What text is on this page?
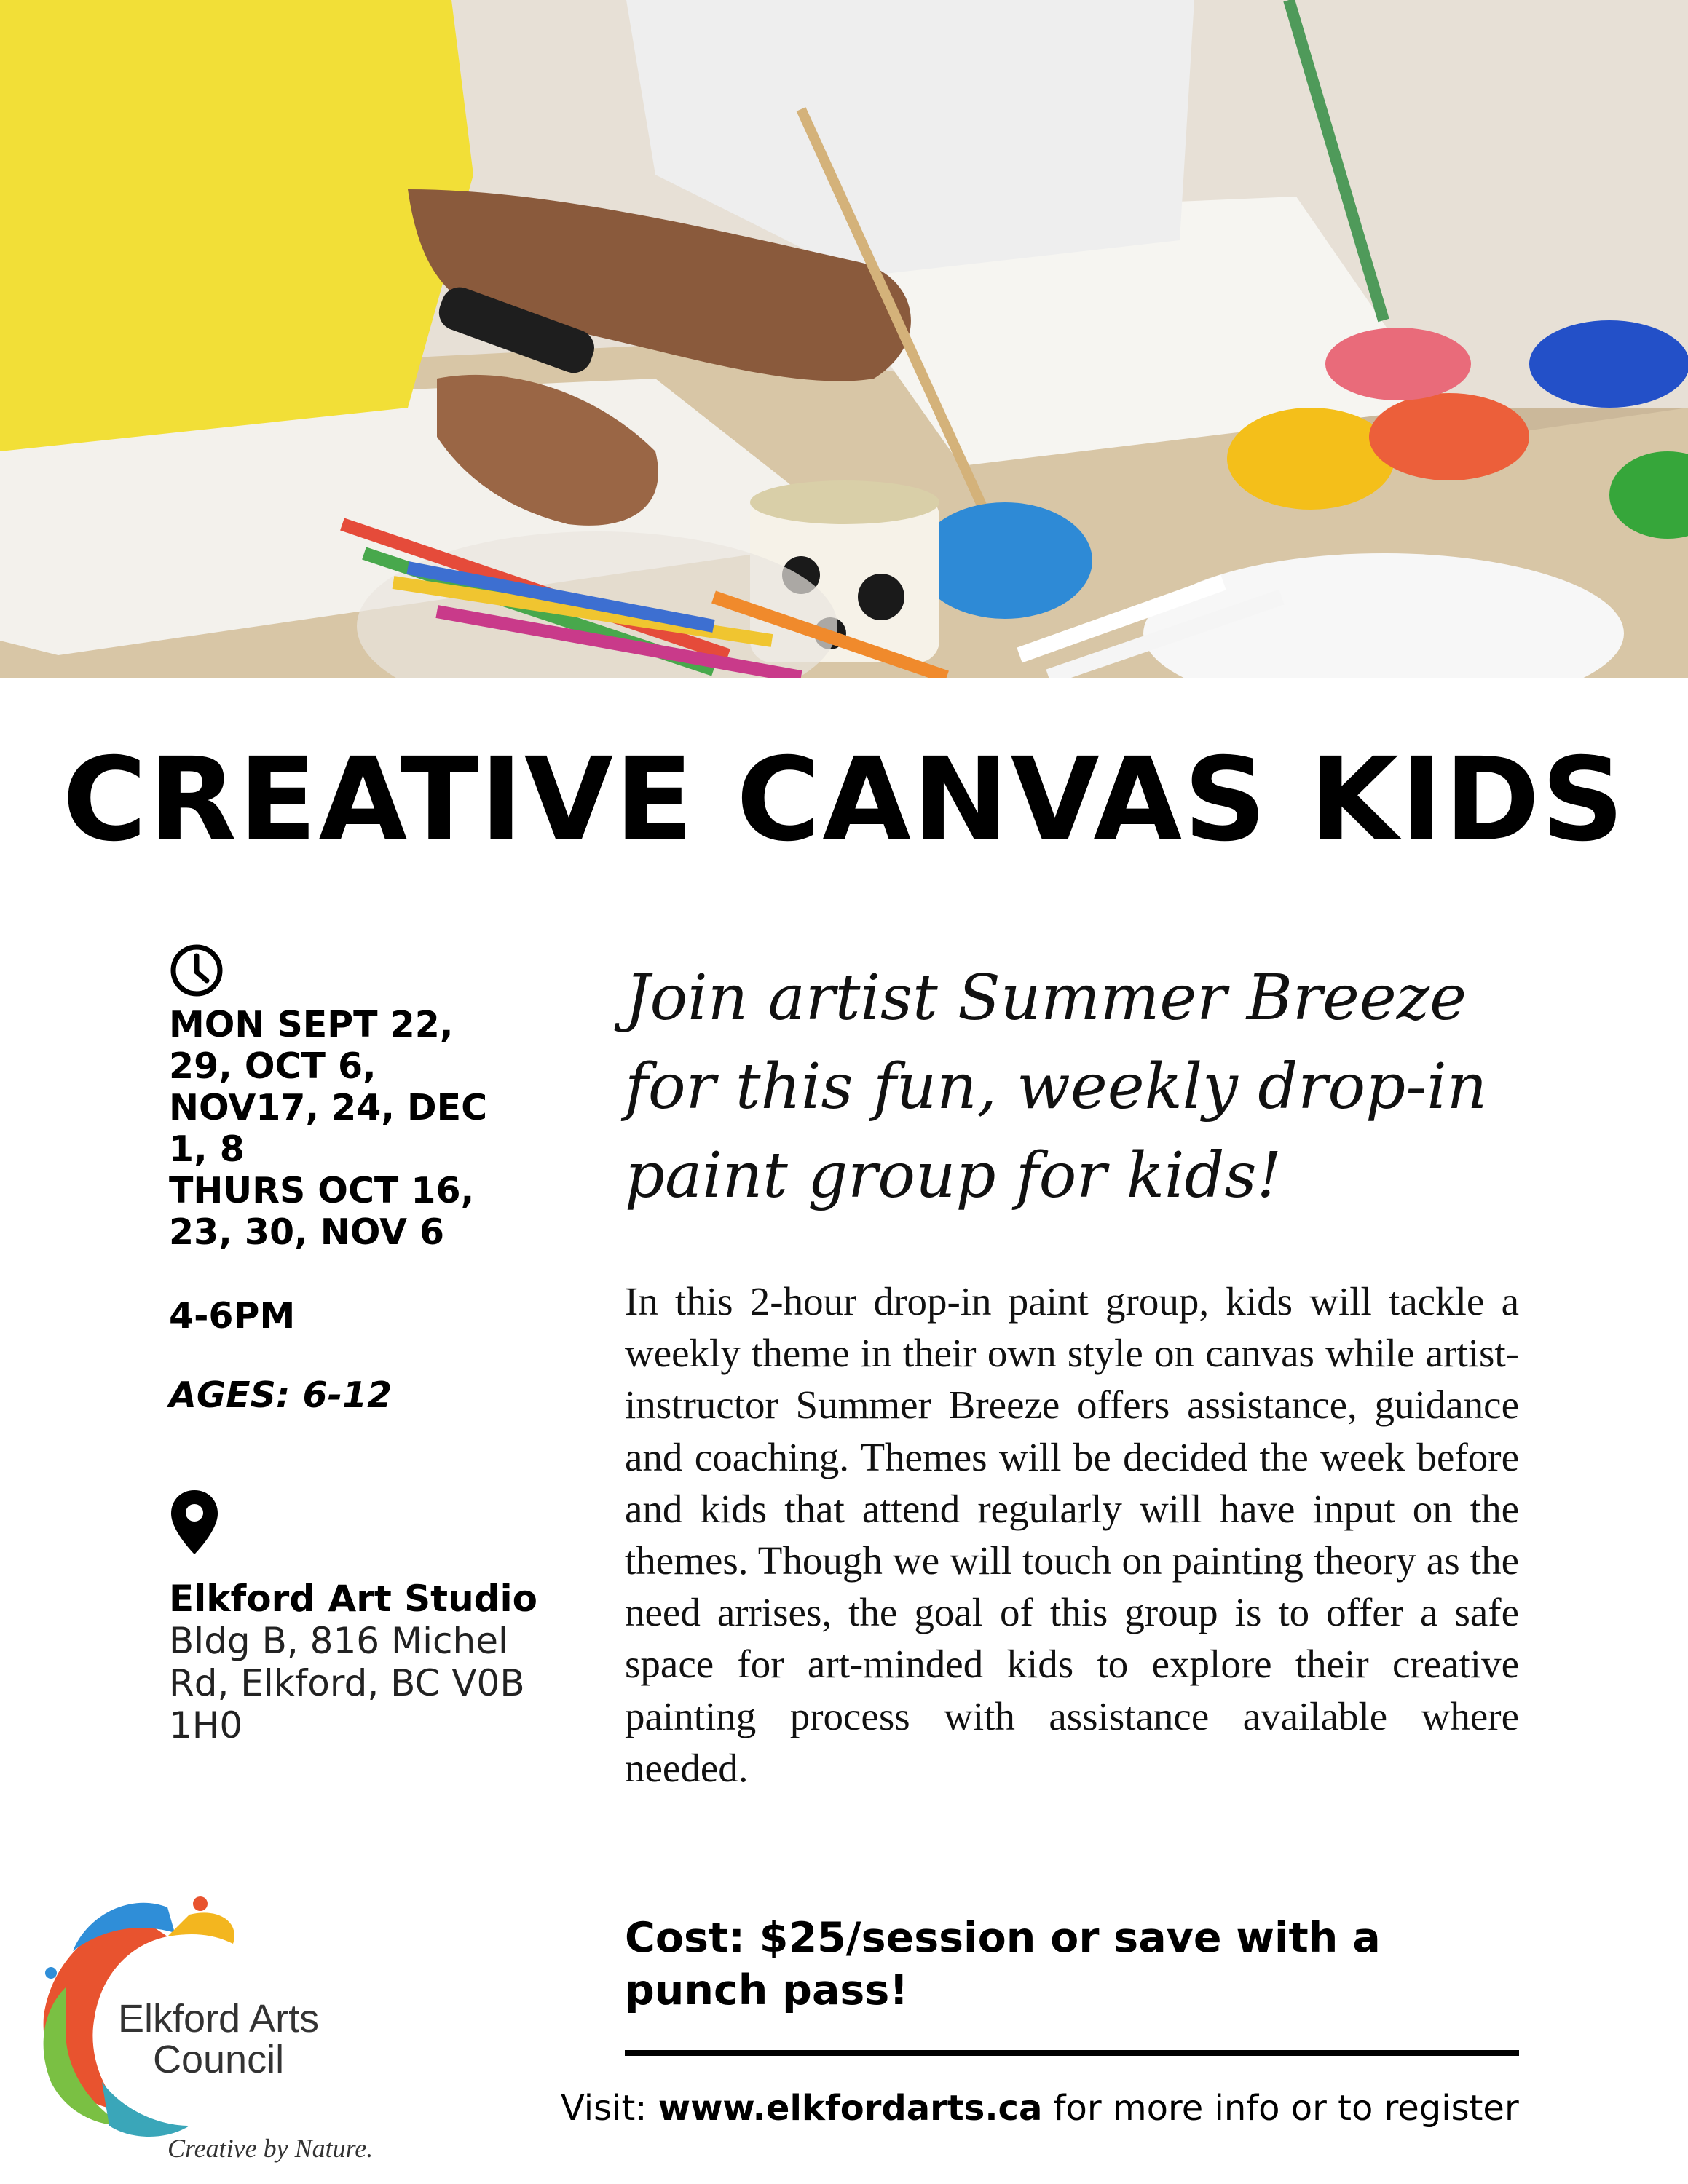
CREATIVE CANVAS KIDS
MON SEPT 22,
29, OCT 6,
NOV17, 24, DEC
1, 8
THURS OCT 16,
23, 30, NOV 6
4-6PM
AGES: 6-12
Elkford Art Studio
Bldg B, 816 Michel Rd, Elkford, BC V0B 1H0
Join artist Summer Breeze for this fun, weekly drop-in paint group for kids!
In this 2-hour drop-in paint group, kids will tackle a weekly theme in their own style on canvas while artist-instructor Summer Breeze offers assistance, guidance and coaching. Themes will be decided the week before and kids that attend regularly will have input on the themes. Though we will touch on painting theory as the need arrises, the goal of this group is to offer a safe space for art-minded kids to explore their creative painting process with assistance available where needed.
Cost: $25/session or save with a punch pass!
Visit: www.elkfordarts.ca for more info or to register
Elkford Arts
Council
Creative by Nature.
